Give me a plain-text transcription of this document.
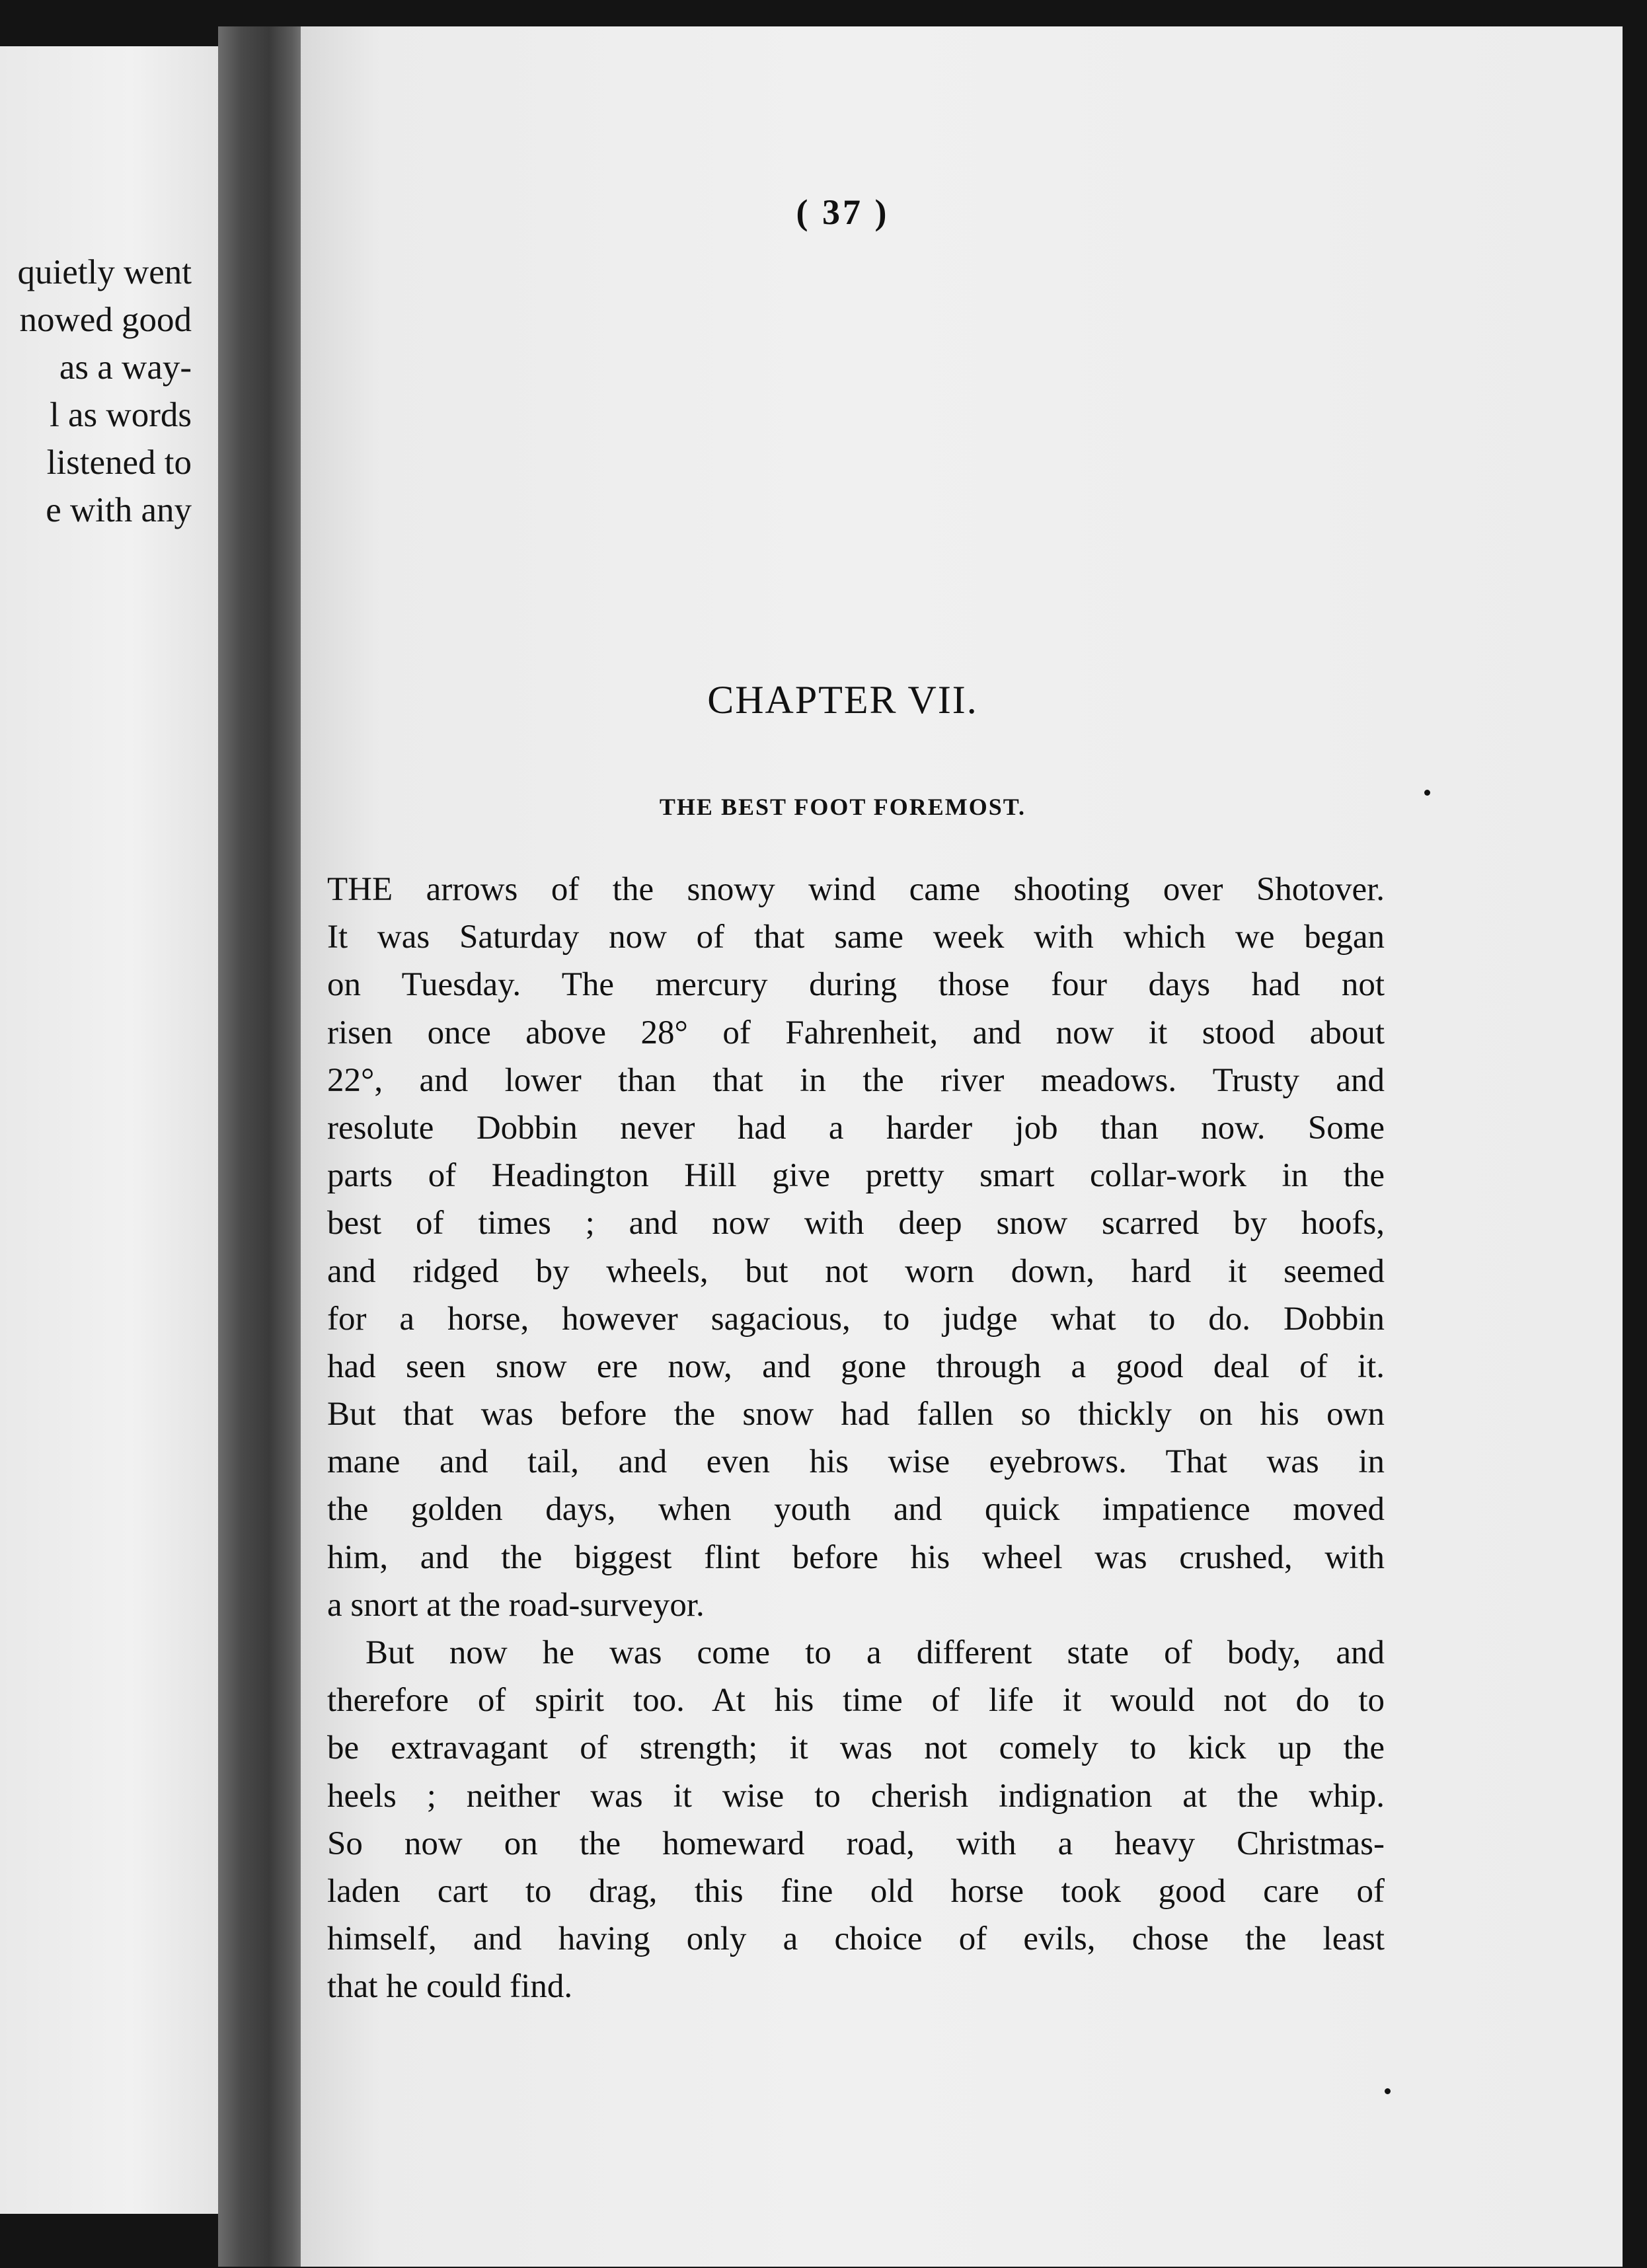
quietly went
nowed good
as a way-
l as words
listened to
e with any
( 37 )
CHAPTER VII.
THE BEST FOOT FOREMOST.
THE arrows of the snowy wind came shooting over Shotover.
It was Saturday now of that same week with which we began
on Tuesday. The mercury during those four days had not
risen once above 28° of Fahrenheit, and now it stood about
22°, and lower than that in the river meadows. Trusty and
resolute Dobbin never had a harder job than now. Some
parts of Headington Hill give pretty smart collar-work in the
best of times ; and now with deep snow scarred by hoofs,
and ridged by wheels, but not worn down, hard it seemed
for a horse, however sagacious, to judge what to do. Dobbin
had seen snow ere now, and gone through a good deal of it.
But that was before the snow had fallen so thickly on his own
mane and tail, and even his wise eyebrows. That was in
the golden days, when youth and quick impatience moved
him, and the biggest flint before his wheel was crushed, with
a snort at the road-surveyor.
But now he was come to a different state of body, and
therefore of spirit too. At his time of life it would not do to
be extravagant of strength; it was not comely to kick up the
heels ; neither was it wise to cherish indignation at the whip.
So now on the homeward road, with a heavy Christmas-
laden cart to drag, this fine old horse took good care of
himself, and having only a choice of evils, chose the least
that he could find.
